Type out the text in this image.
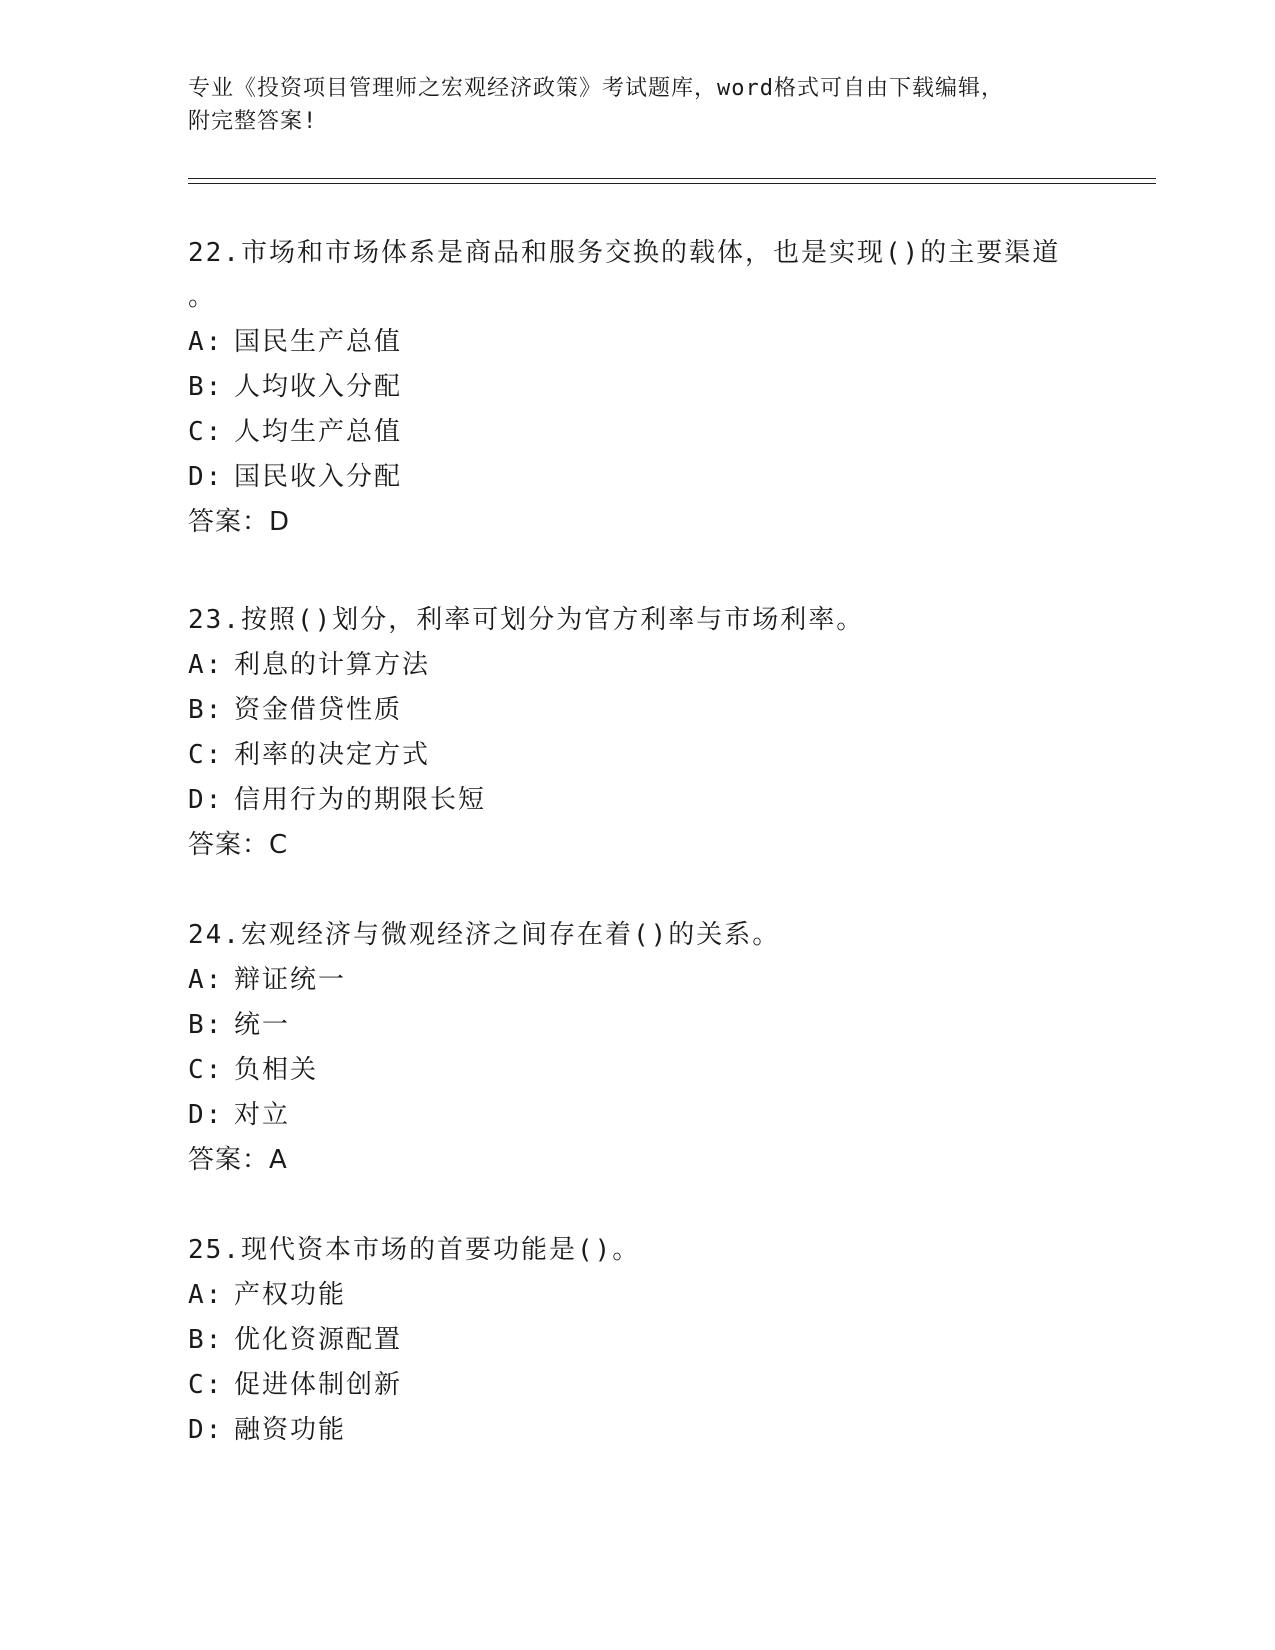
专业《投资项目管理师之宏观经济政策》考试题库，word格式可自由下载编辑，
附完整答案!
22.市场和市场体系是商品和服务交换的载体，也是实现()的主要渠道
。
A: 国民生产总值
B: 人均收入分配
C: 人均生产总值
D: 国民收入分配
答案：D
23.按照()划分，利率可划分为官方利率与市场利率。
A: 利息的计算方法
B: 资金借贷性质
C: 利率的决定方式
D: 信用行为的期限长短
答案：C
24.宏观经济与微观经济之间存在着()的关系。
A: 辩证统一
B: 统一
C: 负相关
D: 对立
答案：A
25.现代资本市场的首要功能是()。
A: 产权功能
B: 优化资源配置
C: 促进体制创新
D: 融资功能
